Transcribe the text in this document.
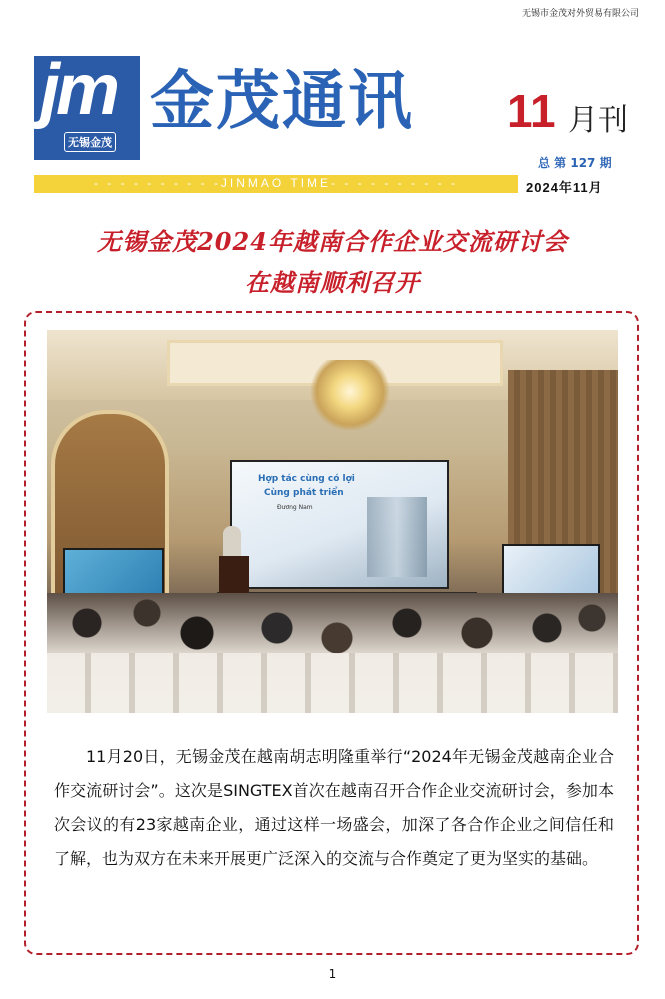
无锡市金茂对外贸易有限公司
jm
无锡金茂
金茂通讯 11 月刊
总 第 127 期
- - - - - - - - - -JINMAO TIME- - - - - - - - - -	2024年11月
无锡金茂2024年越南合作企业交流研讨会
在越南顺利召开
Hợp tác cùng có lợi
Cùng phát triển
Đương Nam
11月20日，无锡金茂在越南胡志明隆重举行“2024年无锡金茂越南企业合作交流研讨会”。这次是SINGTEX首次在越南召开合作企业交流研讨会，参加本次会议的有23家越南企业，通过这样一场盛会，加深了各合作企业之间信任和了解，也为双方在未来开展更广泛深入的交流与合作奠定了更为坚实的基础。
1
